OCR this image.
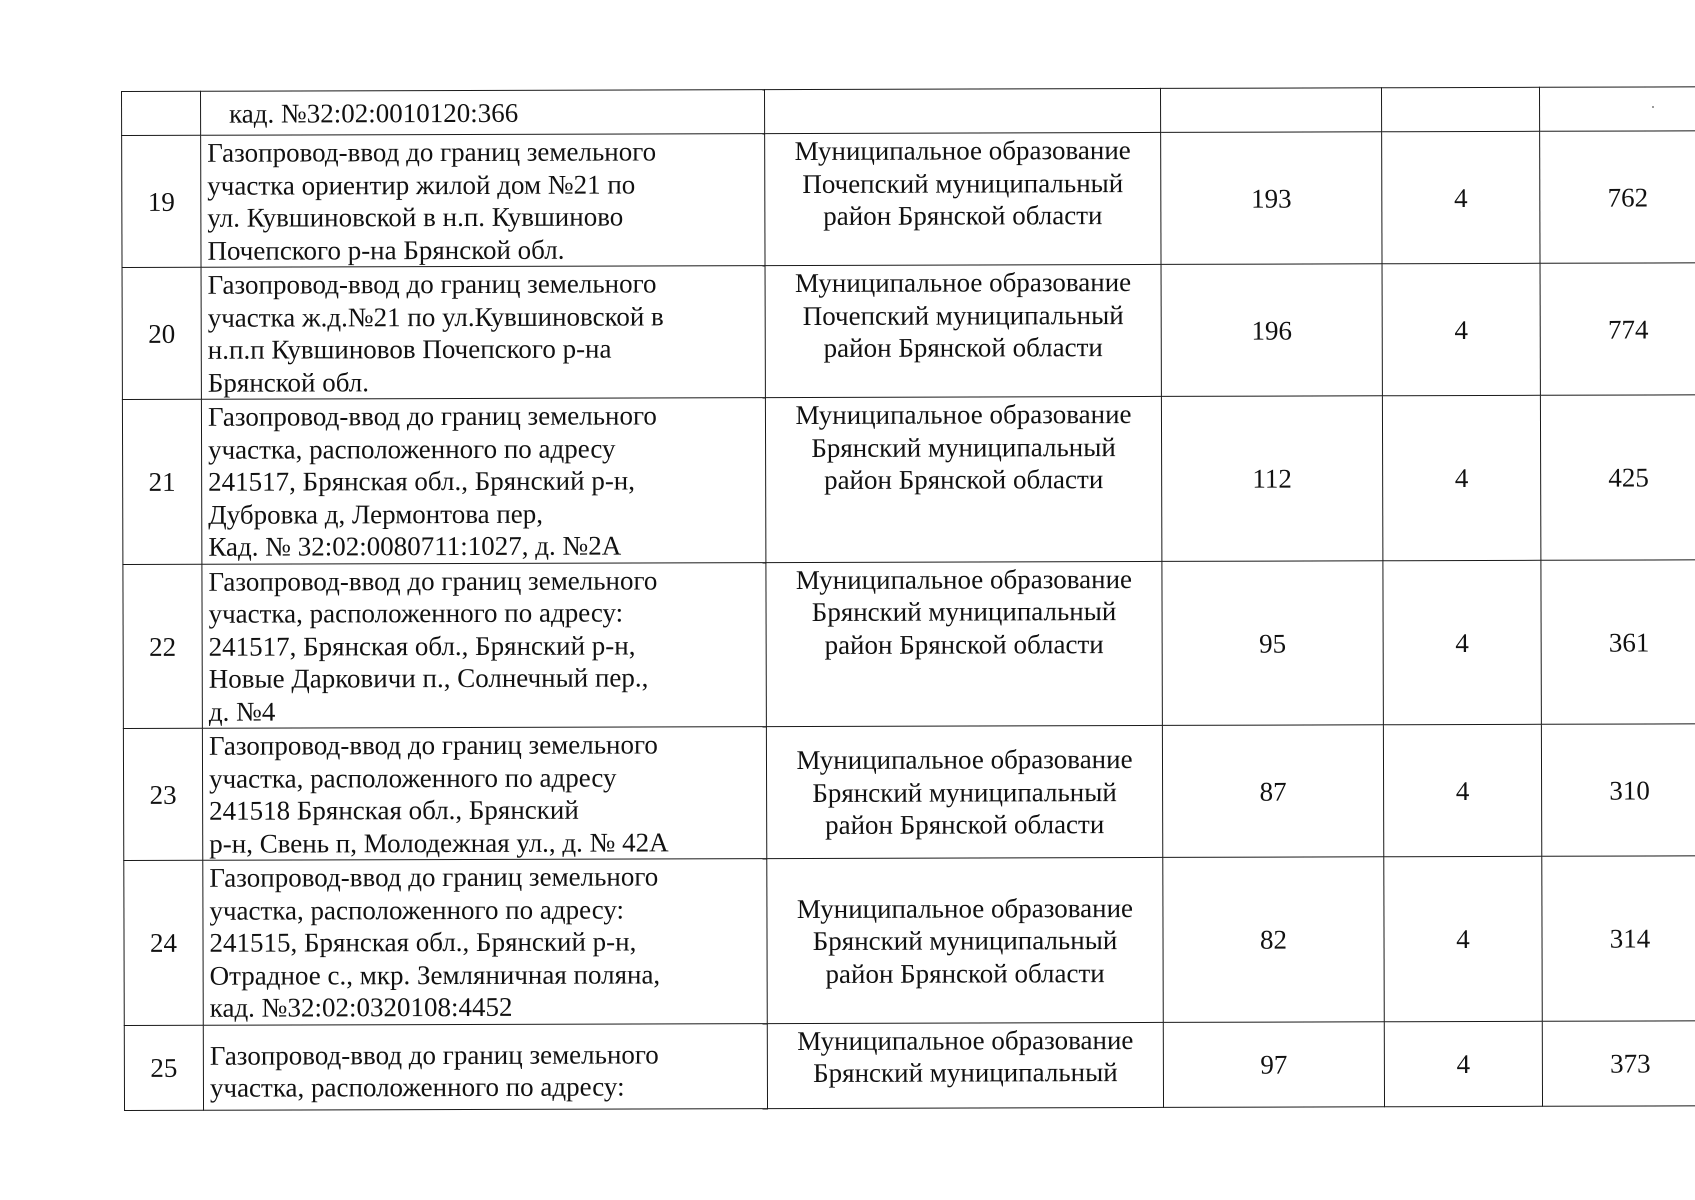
	кад. №32:02:0010120:366				

19	Газопровод-ввод до границ земельного
участка ориентир жилой дом №21 по
ул. Кувшиновской в н.п. Кувшиново
Почепского р-на Брянской обл.	Муниципальное образование
Почепский муниципальный
район Брянской области	193	4	762
20	Газопровод-ввод до границ земельного
участка ж.д.№21 по ул.Кувшиновской в
н.п.п Кувшиновов Почепского р-на
Брянской обл.	Муниципальное образование
Почепский муниципальный
район Брянской области	196	4	774
21	Газопровод-ввод до границ земельного
участка, расположенного по адресу
241517, Брянская обл., Брянский р-н,
Дубровка д, Лермонтова пер,
Кад. № 32:02:0080711:1027, д. №2А	Муниципальное образование
Брянский муниципальный
район Брянской области	112	4	425
22	Газопровод-ввод до границ земельного
участка, расположенного по адресу:
241517, Брянская обл., Брянский р-н,
Новые Дарковичи п., Солнечный пер.,
д. №4	Муниципальное образование
Брянский муниципальный
район Брянской области	95	4	361
23	Газопровод-ввод до границ земельного
участка, расположенного по адресу
241518 Брянская обл., Брянский
р-н, Свень п, Молодежная ул., д. № 42А	Муниципальное образование
Брянский муниципальный
район Брянской области	87	4	310
24	Газопровод-ввод до границ земельного
участка, расположенного по адресу:
241515, Брянская обл., Брянский р-н,
Отрадное с., мкр. Земляничная поляна,
кад. №32:02:0320108:4452	Муниципальное образование
Брянский муниципальный
район Брянской области	82	4	314
25	Газопровод-ввод до границ земельного
участка, расположенного по адресу:	Муниципальное образование
Брянский муниципальный	97	4	373
